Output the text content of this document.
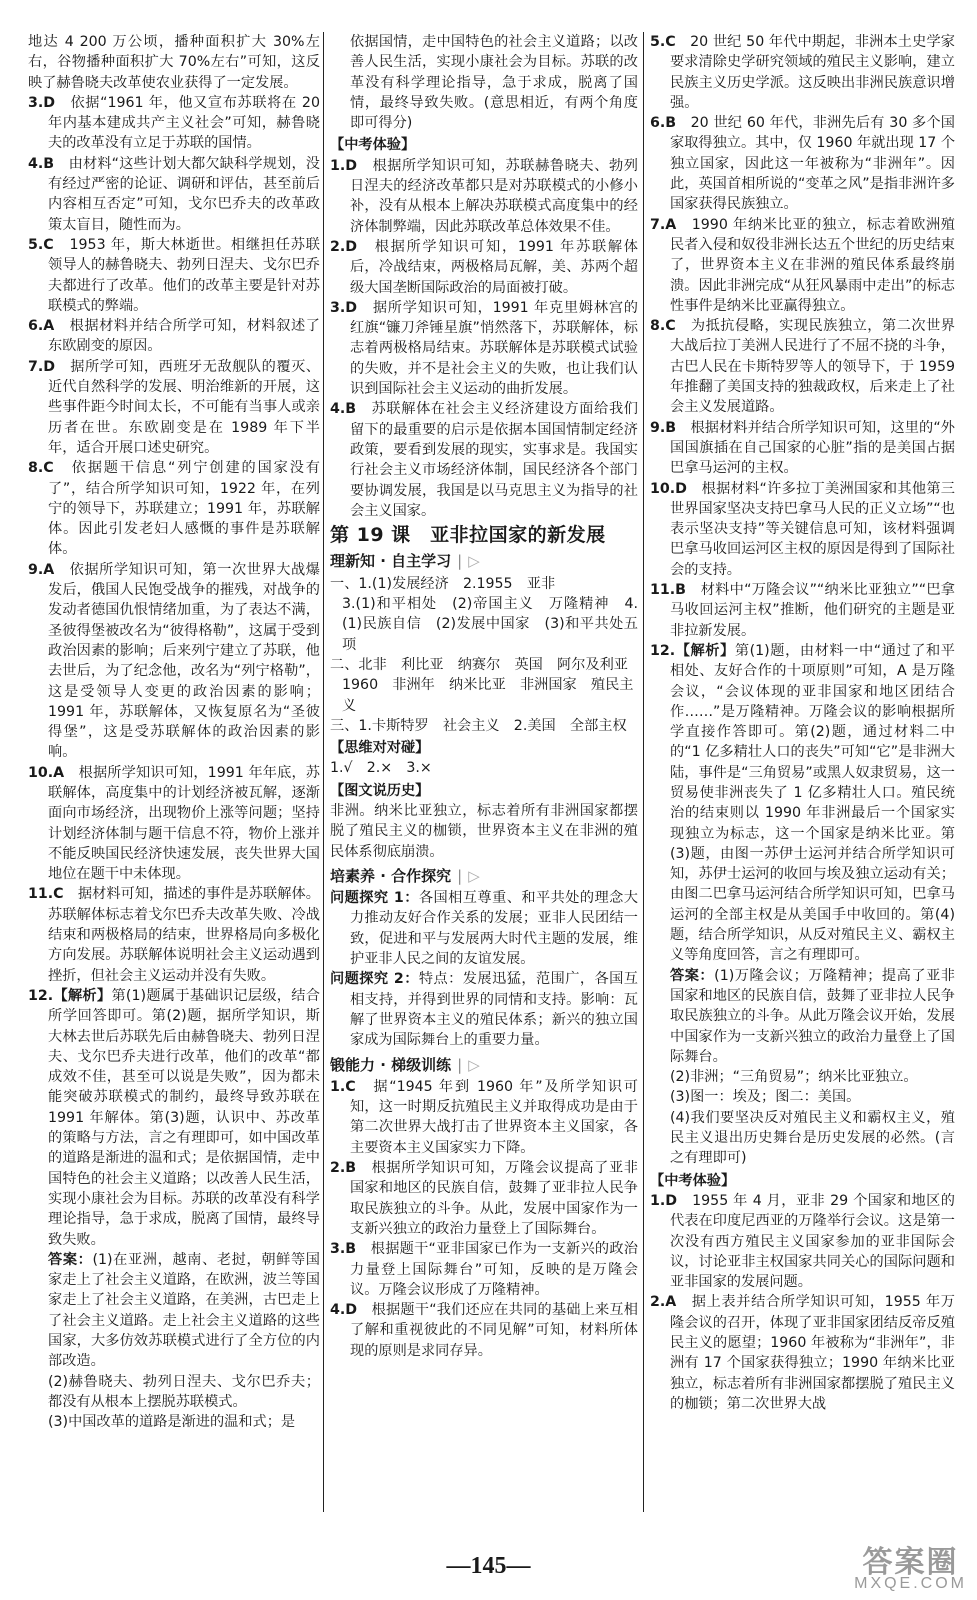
地达 4 200 万公顷，播种面积扩大 30%左右，谷物播种面积扩大 70%左右”可知，这反映了赫鲁晓夫改革使农业获得了一定发展。

3.D　 依据“1961 年，他又宣布苏联将在 20 年内基本建成共产主义社会”可知，赫鲁晓夫的改革没有立足于苏联的国情。

4.B　 由材料“这些计划大都欠缺科学规划，没有经过严密的论证、调研和评估，甚至前后内容相互否定”可知，戈尔巴乔夫的改革政策太盲目，随性而为。

5.C　 1953 年，斯大林逝世。相继担任苏联领导人的赫鲁晓夫、勃列日涅夫、戈尔巴乔夫都进行了改革。他们的改革主要是针对苏联模式的弊端。

6.A　 根据材料并结合所学可知，材料叙述了东欧剧变的原因。

7.D　 据所学可知，西班牙无敌舰队的覆灭、近代自然科学的发展、明治维新的开展，这些事件距今时间太长，不可能有当事人或亲历者在世。东欧剧变是在 1989 年下半年，适合开展口述史研究。

8.C　 依据题干信息“列宁创建的国家没有了”，结合所学知识可知，1922 年，在列宁的领导下，苏联建立；1991 年，苏联解体。因此引发老妇人感慨的事件是苏联解体。

9.A　 依据所学知识可知，第一次世界大战爆发后，俄国人民饱受战争的摧残，对战争的发动者德国仇恨情绪加重，为了表达不满，圣彼得堡被改名为“彼得格勒”，这属于受到政治因素的影响；后来列宁建立了苏联，他去世后，为了纪念他，改名为“列宁格勒”，这是受领导人变更的政治因素的影响；1991 年，苏联解体，又恢复原名为“圣彼得堡”，这是受苏联解体的政治因素的影响。

10.A　 根据所学知识可知，1991 年年底，苏联解体，高度集中的计划经济被瓦解，逐渐面向市场经济，出现物价上涨等问题；坚持计划经济体制与题干信息不符，物价上涨并不能反映国民经济快速发展，丧失世界大国地位在题干中未体现。

11.C　 据材料可知，描述的事件是苏联解体。苏联解体标志着戈尔巴乔夫改革失败、冷战结束和两极格局的结束，世界格局向多极化方向发展。苏联解体说明社会主义运动遇到挫折，但社会主义运动并没有失败。

12.【解析】第(1)题属于基础识记层级，结合所学回答即可。第(2)题，据所学知识，斯大林去世后苏联先后由赫鲁晓夫、勃列日涅夫、戈尔巴乔夫进行改革，他们的改革“都成效不佳，甚至可以说是失败”，因为都未能突破苏联模式的制约，最终导致苏联在 1991 年解体。第(3)题，认识中、苏改革的策略与方法，言之有理即可，如中国改革的道路是渐进的温和式；是依据国情，走中国特色的社会主义道路；以改善人民生活，实现小康社会为目标。苏联的改革没有科学理论指导，急于求成，脱离了国情，最终导致失败。

答案：(1)在亚洲，越南、老挝，朝鲜等国家走上了社会主义道路，在欧洲，波兰等国家走上了社会主义道路，在美洲，古巴走上了社会主义道路。走上社会主义道路的这些国家，大多仿效苏联模式进行了全方位的内部改造。

(2)赫鲁晓夫、勃列日涅夫、戈尔巴乔夫；都没有从根本上摆脱苏联模式。

(3)中国改革的道路是渐进的温和式；是

依据国情，走中国特色的社会主义道路；以改善人民生活，实现小康社会为目标。苏联的改革没有科学理论指导，急于求成，脱离了国情，最终导致失败。(意思相近，有两个角度即可得分)

【中考体验】

1.D　 根据所学知识可知，苏联赫鲁晓夫、勃列日涅夫的经济改革都只是对苏联模式的小修小补，没有从根本上解决苏联模式高度集中的经济体制弊端，因此苏联改革总体效果不佳。

2.D　 根据所学知识可知，1991 年苏联解体后，冷战结束，两极格局瓦解，美、苏两个超级大国垄断国际政治的局面被打破。

3.D　 据所学知识可知，1991 年克里姆林宫的红旗“镰刀斧锤星旗”悄然落下，苏联解体，标志着两极格局结束。苏联解体是苏联模式试验的失败，并不是社会主义的失败，也让我们认识到国际社会主义运动的曲折发展。

4.B　 苏联解体在社会主义经济建设方面给我们留下的最重要的启示是依据本国国情制定经济政策，要看到发展的现实，实事求是。我国实行社会主义市场经济体制，国民经济各个部门要协调发展，我国是以马克思主义为指导的社会主义国家。

第 19 课　亚非拉国家的新发展
理新知 · 自主学习 | ▷

一、1.(1)发展经济　2.1955　亚非

3.(1)和平相处　(2)帝国主义　万隆精神　4.(1)民族自信　(2)发展中国家　(3)和平共处五项

二、北非　利比亚　纳赛尔　英国　阿尔及利亚　1960　非洲年　纳米比亚　非洲国家　殖民主义

三、1.卡斯特罗　社会主义　2.美国　全部主权

【思维对对碰】

1.√　2.×　3.×

【图文说历史】

非洲。纳米比亚独立，标志着所有非洲国家都摆脱了殖民主义的枷锁，世界资本主义在非洲的殖民体系彻底崩溃。

培素养 · 合作探究 | ▷

问题探究 1：各国相互尊重、和平共处的理念大力推动友好合作关系的发展；亚非人民团结一致，促进和平与发展两大时代主题的发展，维护亚非人民之间的友谊发展。

问题探究 2：特点：发展迅猛，范围广，各国互相支持，并得到世界的同情和支持。影响：瓦解了世界资本主义的殖民体系；新兴的独立国家成为国际舞台上的重要力量。

锻能力 · 梯级训练 | ▷

1.C　 据“1945 年到 1960 年”及所学知识可知，这一时期反抗殖民主义并取得成功是由于第二次世界大战打击了世界资本主义国家，各主要资本主义国家实力下降。

2.B　 根据所学知识可知，万隆会议提高了亚非国家和地区的民族自信，鼓舞了亚非拉人民争取民族独立的斗争。从此，发展中国家作为一支新兴独立的政治力量登上了国际舞台。

3.B　 根据题干“亚非国家已作为一支新兴的政治力量登上国际舞台”可知，反映的是万隆会议。万隆会议形成了万隆精神。

4.D　 根据题干“我们还应在共同的基础上来互相了解和重视彼此的不同见解”可知，材料所体现的原则是求同存异。

5.C　 20 世纪 50 年代中期起，非洲本土史学家要求清除史学研究领域的殖民主义影响，建立民族主义历史学派。这反映出非洲民族意识增强。

6.B　 20 世纪 60 年代，非洲先后有 30 多个国家取得独立。其中，仅 1960 年就出现 17 个独立国家，因此这一年被称为“非洲年”。因此，英国首相所说的“变革之风”是指非洲许多国家获得民族独立。

7.A　 1990 年纳米比亚的独立，标志着欧洲殖民者入侵和奴役非洲长达五个世纪的历史结束了，世界资本主义在非洲的殖民体系最终崩溃。因此非洲完成“从狂风暴雨中走出”的标志性事件是纳米比亚赢得独立。

8.C　 为抵抗侵略，实现民族独立，第二次世界大战后拉丁美洲人民进行了不屈不挠的斗争，古巴人民在卡斯特罗等人的领导下，于 1959 年推翻了美国支持的独裁政权，后来走上了社会主义发展道路。

9.B　 根据材料并结合所学知识可知，这里的“外国国旗插在自己国家的心脏”指的是美国占据巴拿马运河的主权。

10.D　 根据材料“许多拉丁美洲国家和其他第三世界国家坚决支持巴拿马人民的正义立场”“也表示坚决支持”等关键信息可知，该材料强调巴拿马收回运河区主权的原因是得到了国际社会的支持。

11.B　 材料中“万隆会议”“纳米比亚独立”“巴拿马收回运河主权”推断，他们研究的主题是亚非拉新发展。

12.【解析】第(1)题，由材料一中“通过了和平相处、友好合作的十项原则”可知，A 是万隆会议，“会议体现的亚非国家和地区团结合作……”是万隆精神。万隆会议的影响根据所学直接作答即可。第(2)题，通过材料二中的“1 亿多精壮人口的丧失”可知“它”是非洲大陆，事件是“三角贸易”或黑人奴隶贸易，这一贸易使非洲丧失了 1 亿多精壮人口。殖民统治的结束则以 1990 年非洲最后一个国家实现独立为标志，这一个国家是纳米比亚。第(3)题，由图一苏伊士运河并结合所学知识可知，苏伊士运河的收回与埃及独立运动有关；由图二巴拿马运河结合所学知识可知，巴拿马运河的全部主权是从美国手中收回的。第(4)题，结合所学知识，从反对殖民主义、霸权主义等角度回答，言之有理即可。

答案：(1)万隆会议；万隆精神；提高了亚非国家和地区的民族自信，鼓舞了亚非拉人民争取民族独立的斗争。从此万隆会议开始，发展中国家作为一支新兴独立的政治力量登上了国际舞台。

(2)非洲；“三角贸易”；纳米比亚独立。

(3)图一：埃及；图二：美国。

(4)我们要坚决反对殖民主义和霸权主义，殖民主义退出历史舞台是历史发展的必然。(言之有理即可)

【中考体验】

1.D　 1955 年 4 月，亚非 29 个国家和地区的代表在印度尼西亚的万隆举行会议。这是第一次没有西方殖民主义国家参加的亚非国际会议，讨论亚非主权国家共同关心的国际问题和亚非国家的发展问题。

2.A　 据上表并结合所学知识可知，1955 年万隆会议的召开，体现了亚非国家团结反帝反殖民主义的愿望；1960 年被称为“非洲年”，非洲有 17 个国家获得独立；1990 年纳米比亚独立，标志着所有非洲国家都摆脱了殖民主义的枷锁；第二次世界大战

—145—	答案圈
MXQE.COM
